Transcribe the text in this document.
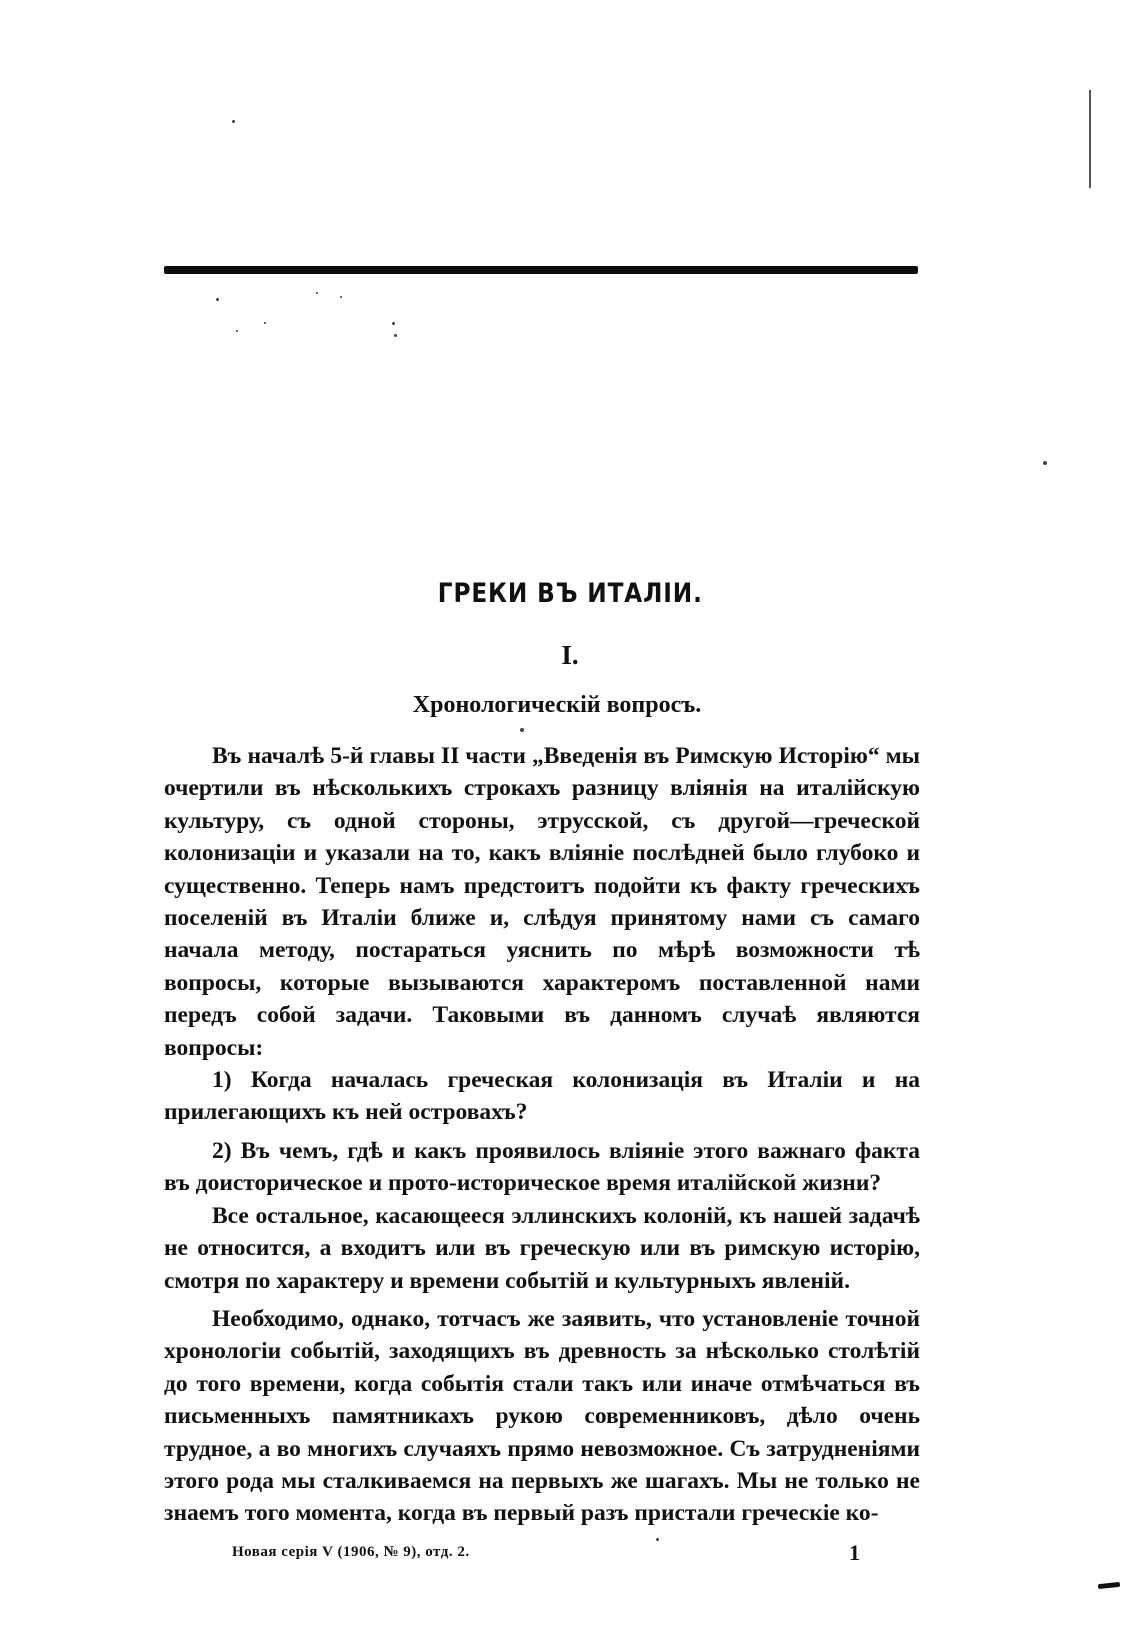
ГРЕКИ ВЪ ИТАЛІИ.
I.
Хронологическій вопросъ.

Въ началѣ 5-й главы II части „Введенія въ Римскую Исторію“ мы очертили въ нѣсколькихъ строкахъ разницу вліянія на италійскую культуру, съ одной стороны, этрусской, съ другой—греческой колонизаціи и указали на то, какъ вліяніе послѣдней было глубоко и существенно. Теперь намъ предстоитъ подойти къ факту греческихъ поселеній въ Италіи ближе и, слѣдуя принятому нами съ самаго начала методу, постараться уяснить по мѣрѣ возможности тѣ вопросы, которые вызываются характеромъ поставленной нами передъ собой задачи. Таковыми въ данномъ случаѣ являются вопросы:

1) Когда началась греческая колонизація въ Италіи и на прилегающихъ къ ней островахъ?

2) Въ чемъ, гдѣ и какъ проявилось вліяніе этого важнаго факта въ доисторическое и прото-историческое время италійской жизни?

Все остальное, касающееся эллинскихъ колоній, къ нашей задачѣ не относится, а входитъ или въ греческую или въ римскую исторію, смотря по характеру и времени событій и культурныхъ явленій.

Необходимо, однако, тотчасъ же заявить, что установленіе точной хронологіи событій, заходящихъ въ древность за нѣсколько столѣтій до того времени, когда событія стали такъ или иначе отмѣчаться въ письменныхъ памятникахъ рукою современниковъ, дѣло очень трудное, а во многихъ случаяхъ прямо невозможное. Съ затрудненіями этого рода мы сталкиваемся на первыхъ же шагахъ. Мы не только не знаемъ того момента, когда въ первый разъ пристали греческіе ко-

Новая серія V (1906, № 9), отд. 2.	1
